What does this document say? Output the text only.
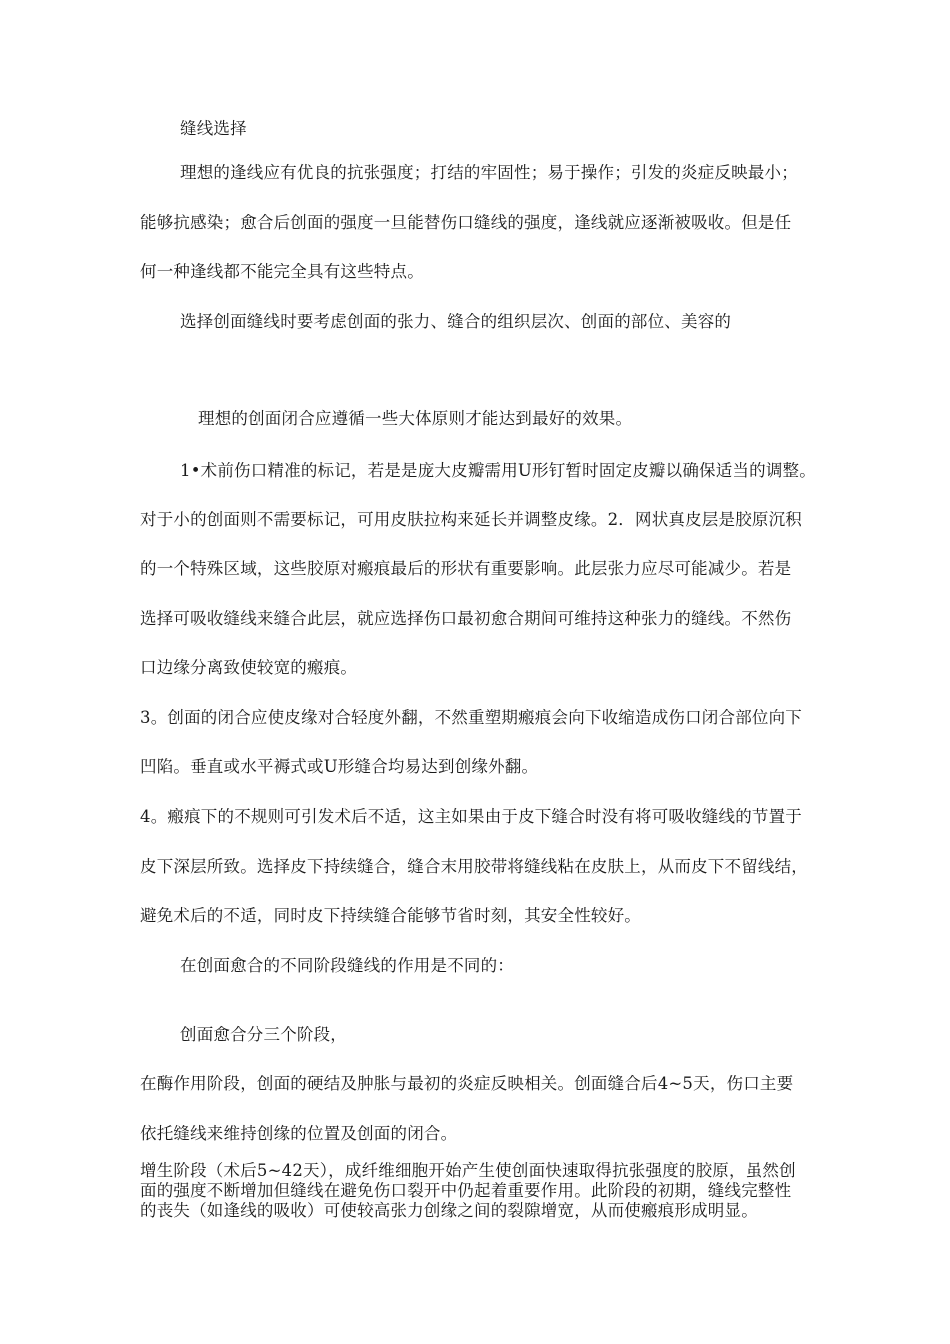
缝线选择

理想的逢线应有优良的抗张强度；打结的牢固性；易于操作；引发的炎症反映最小；

能够抗感染；愈合后创面的强度一旦能替伤口缝线的强度，逢线就应逐渐被吸收。但是任

何一种逢线都不能完全具有这些特点。

选择创面缝线时要考虑创面的张力、缝合的组织层次、创面的部位、美容的

理想的创面闭合应遵循一些大体原则才能达到最好的效果。

1•术前伤口精准的标记，若是是庞大皮瓣需用U形钉暂时固定皮瓣以确保适当的调整。

对于小的创面则不需要标记，可用皮肤拉构来延长并调整皮缘。2．网状真皮层是胶原沉积

的一个特殊区域，这些胶原对瘢痕最后的形状有重要影响。此层张力应尽可能减少。若是

选择可吸收缝线来缝合此层，就应选择伤口最初愈合期间可维持这种张力的缝线。不然伤

口边缘分离致使较宽的瘢痕。

3。创面的闭合应使皮缘对合轻度外翻，不然重塑期瘢痕会向下收缩造成伤口闭合部位向下

凹陷。垂直或水平褥式或U形缝合均易达到创缘外翻。

4。瘢痕下的不规则可引发术后不适，这主如果由于皮下缝合时没有将可吸收缝线的节置于

皮下深层所致。选择皮下持续缝合，缝合末用胶带将缝线粘在皮肤上，从而皮下不留线结，

避免术后的不适，同时皮下持续缝合能够节省时刻，其安全性较好。

在创面愈合的不同阶段缝线的作用是不同的：

创面愈合分三个阶段，

在酶作用阶段，创面的硬结及肿胀与最初的炎症反映相关。创面缝合后4~5天，伤口主要

依托缝线来维持创缘的位置及创面的闭合。

增生阶段（术后5~42天），成纤维细胞开始产生使创面快速取得抗张强度的胶原，虽然创

面的强度不断增加但缝线在避免伤口裂开中仍起着重要作用。此阶段的初期，缝线完整性

的丧失（如逢线的吸收）可使较高张力创缘之间的裂隙增宽，从而使瘢痕形成明显。
